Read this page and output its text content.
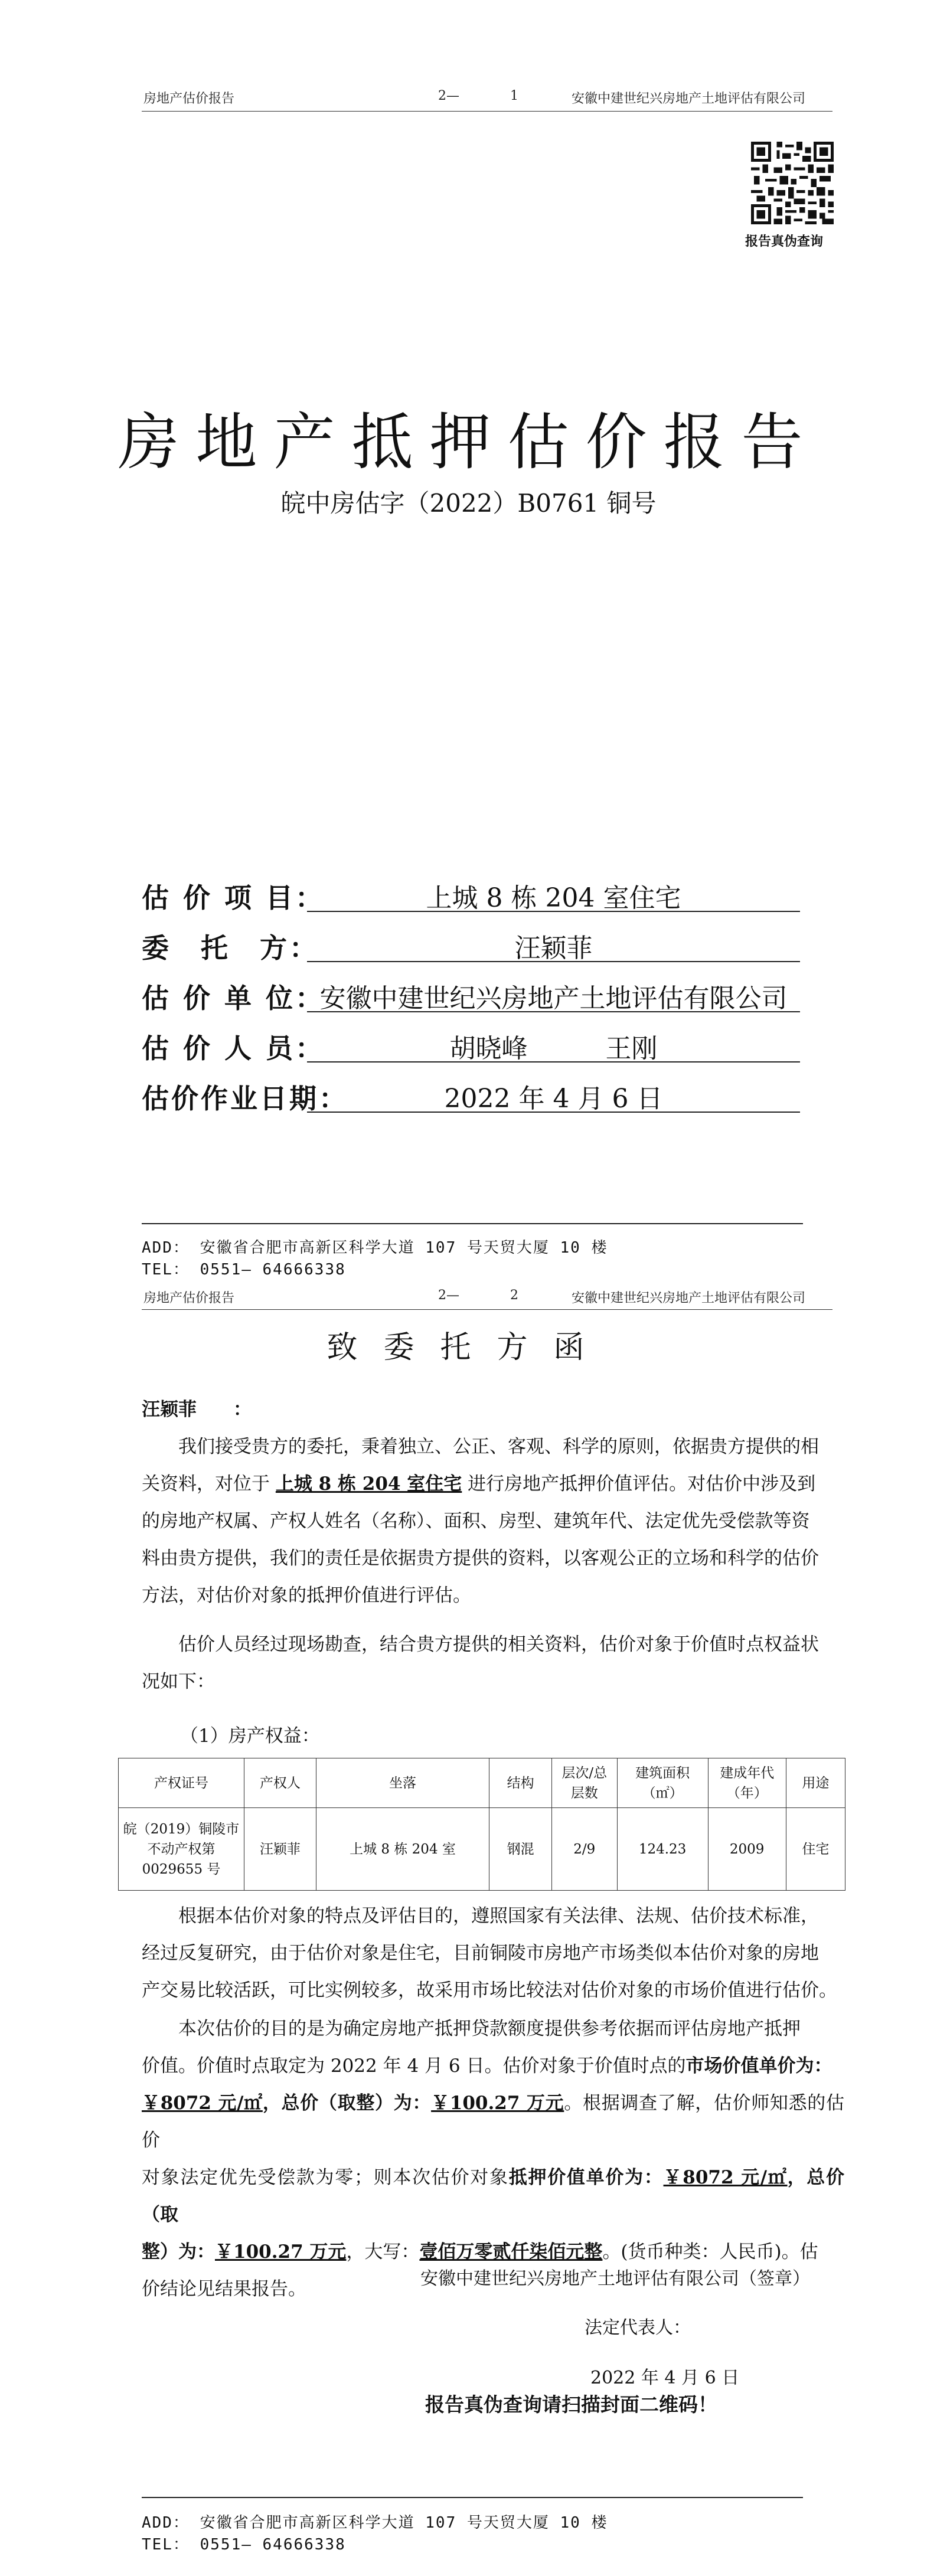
房地产估价报告	2—	1	安徽中建世纪兴房地产土地评估有限公司
报告真伪查询
房地产抵押估价报告
皖中房估字（2022）B0761 铜号
估 价 项 目：	上城 8 栋 204 室住宅
委　托　方：	汪颖菲
估 价 单 位：
安徽中建世纪兴房地产土地评估有限公司
估 价 人 员：	胡晓峰　　　王刚
估价作业日期：	2022 年 4 月 6 日
ADD： 安徽省合肥市高新区科学大道 107 号天贸大厦 10 楼
TEL： 0551— 64666338
房地产估价报告	2—	2	安徽中建世纪兴房地产土地评估有限公司
致委托方函
汪颖菲　　：
我们接受贵方的委托，秉着独立、公正、客观、科学的原则，依据贵方提供的相
关资料，对位于 上城 8 栋 204 室住宅 进行房地产抵押价值评估。对估价中涉及到
的房地产权属、产权人姓名（名称）、面积、房型、建筑年代、法定优先受偿款等资
料由贵方提供，我们的责任是依据贵方提供的资料，以客观公正的立场和科学的估价
方法，对估价对象的抵押价值进行评估。
估价人员经过现场勘查，结合贵方提供的相关资料，估价对象于价值时点权益状
况如下：
（1）房产权益：
产权证号	产权人	坐落	结构	层次/总层数	建筑面积（㎡）	建成年代（年）	用途
皖（2019）铜陵市不动产权第0029655 号	汪颖菲	上城 8 栋 204 室	钢混	2/9	124.23	2009	住宅
根据本估价对象的特点及评估目的，遵照国家有关法律、法规、估价技术标准，
经过反复研究，由于估价对象是住宅，目前铜陵市房地产市场类似本估价对象的房地
产交易比较活跃，可比实例较多，故采用市场比较法对估价对象的市场价值进行估价。
本次估价的目的是为确定房地产抵押贷款额度提供参考依据而评估房地产抵押
价值。价值时点取定为 2022 年 4 月 6 日。估价对象于价值时点的市场价值单价为：
￥8072 元/㎡，总价（取整）为：￥100.27 万元。根据调查了解，估价师知悉的估价
对象法定优先受偿款为零；则本次估价对象抵押价值单价为：￥8072 元/㎡，总价（取
整）为：￥100.27 万元，大写：壹佰万零贰仟柒佰元整。(货币种类：人民币)。估
价结论见结果报告。	安徽中建世纪兴房地产土地评估有限公司（签章）
法定代表人：
2022 年 4 月 6 日
报告真伪查询请扫描封面二维码！
ADD： 安徽省合肥市高新区科学大道 107 号天贸大厦 10 楼
TEL： 0551— 64666338
